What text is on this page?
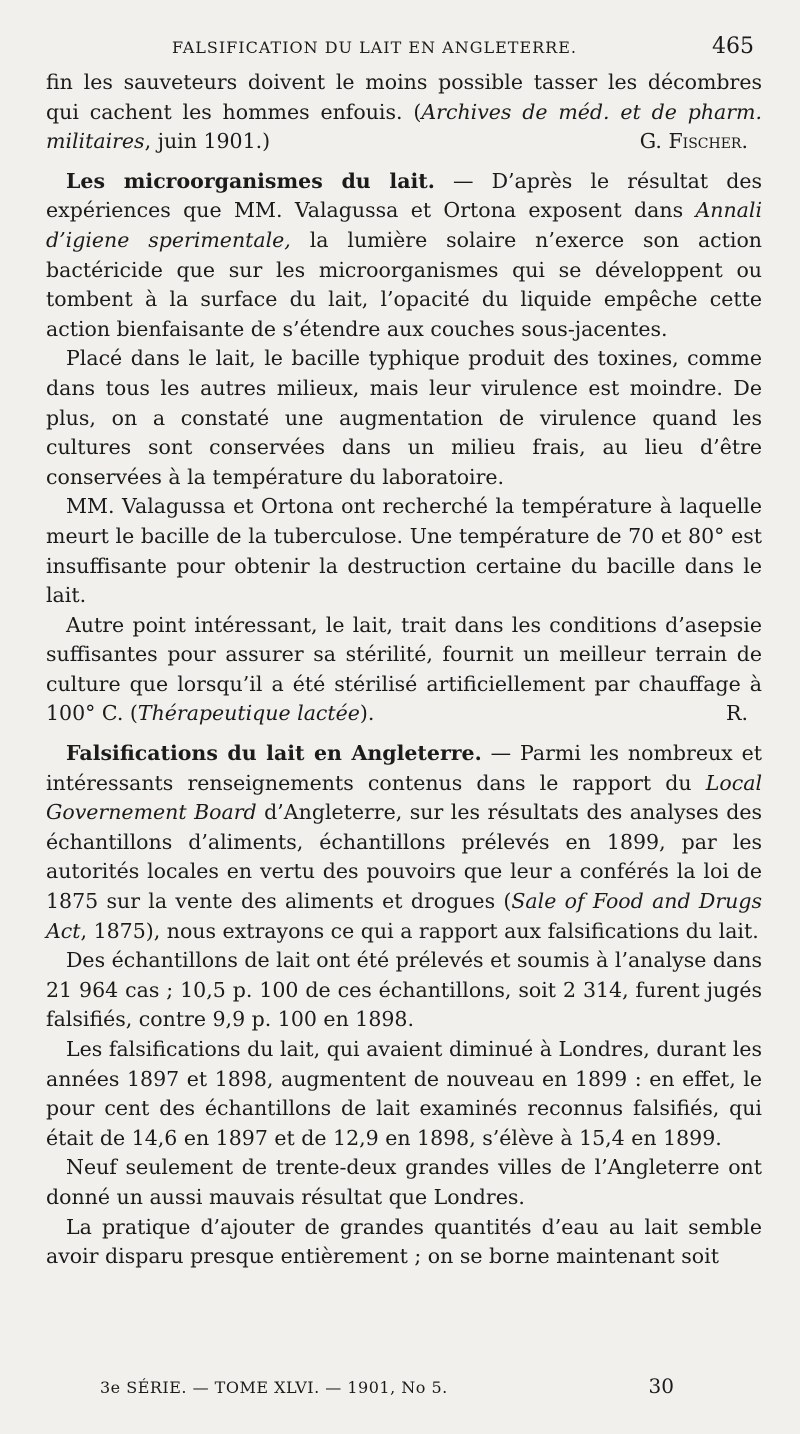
FALSIFICATION DU LAIT EN ANGLETERRE.	465

fin les sauveteurs doivent le moins possible tasser les décombres qui cachent les hommes enfouis. (Archives de méd. et de pharm. militaires, juin 1901.)	G. Fischer.

Les microorganismes du lait. — D’après le résultat des expériences que MM. Valagussa et Ortona exposent dans Annali d’igiene sperimentale, la lumière solaire n’exerce son action bactéricide que sur les microorganismes qui se développent ou tombent à la surface du lait, l’opacité du liquide empêche cette action bienfaisante de s’étendre aux couches sous-jacentes.

Placé dans le lait, le bacille typhique produit des toxines, comme dans tous les autres milieux, mais leur virulence est moindre. De plus, on a constaté une augmentation de virulence quand les cultures sont conservées dans un milieu frais, au lieu d’être conservées à la température du laboratoire.

MM. Valagussa et Ortona ont recherché la température à laquelle meurt le bacille de la tuberculose. Une température de 70 et 80° est insuffisante pour obtenir la destruction certaine du bacille dans le lait.

Autre point intéressant, le lait, trait dans les conditions d’asepsie suffisantes pour assurer sa stérilité, fournit un meilleur terrain de culture que lorsqu’il a été stérilisé artificiellement par chauffage à 100° C. (Thérapeutique lactée).	R.

Falsifications du lait en Angleterre. — Parmi les nombreux et intéressants renseignements contenus dans le rapport du Local Governement Board d’Angleterre, sur les résultats des analyses des échantillons d’aliments, échantillons prélevés en 1899, par les autorités locales en vertu des pouvoirs que leur a conférés la loi de 1875 sur la vente des aliments et drogues (Sale of Food and Drugs Act, 1875), nous extrayons ce qui a rapport aux falsifications du lait.

Des échantillons de lait ont été prélevés et soumis à l’analyse dans 21 964 cas ; 10,5 p. 100 de ces échantillons, soit 2 314, furent jugés falsifiés, contre 9,9 p. 100 en 1898.

Les falsifications du lait, qui avaient diminué à Londres, durant les années 1897 et 1898, augmentent de nouveau en 1899 : en effet, le pour cent des échantillons de lait examinés reconnus falsifiés, qui était de 14,6 en 1897 et de 12,9 en 1898, s’élève à 15,4 en 1899.

Neuf seulement de trente-deux grandes villes de l’Angleterre ont donné un aussi mauvais résultat que Londres.

La pratique d’ajouter de grandes quantités d’eau au lait semble avoir disparu presque entièrement ; on se borne maintenant soit

3e SÉRIE. — TOME XLVI. — 1901, No 5.	30
